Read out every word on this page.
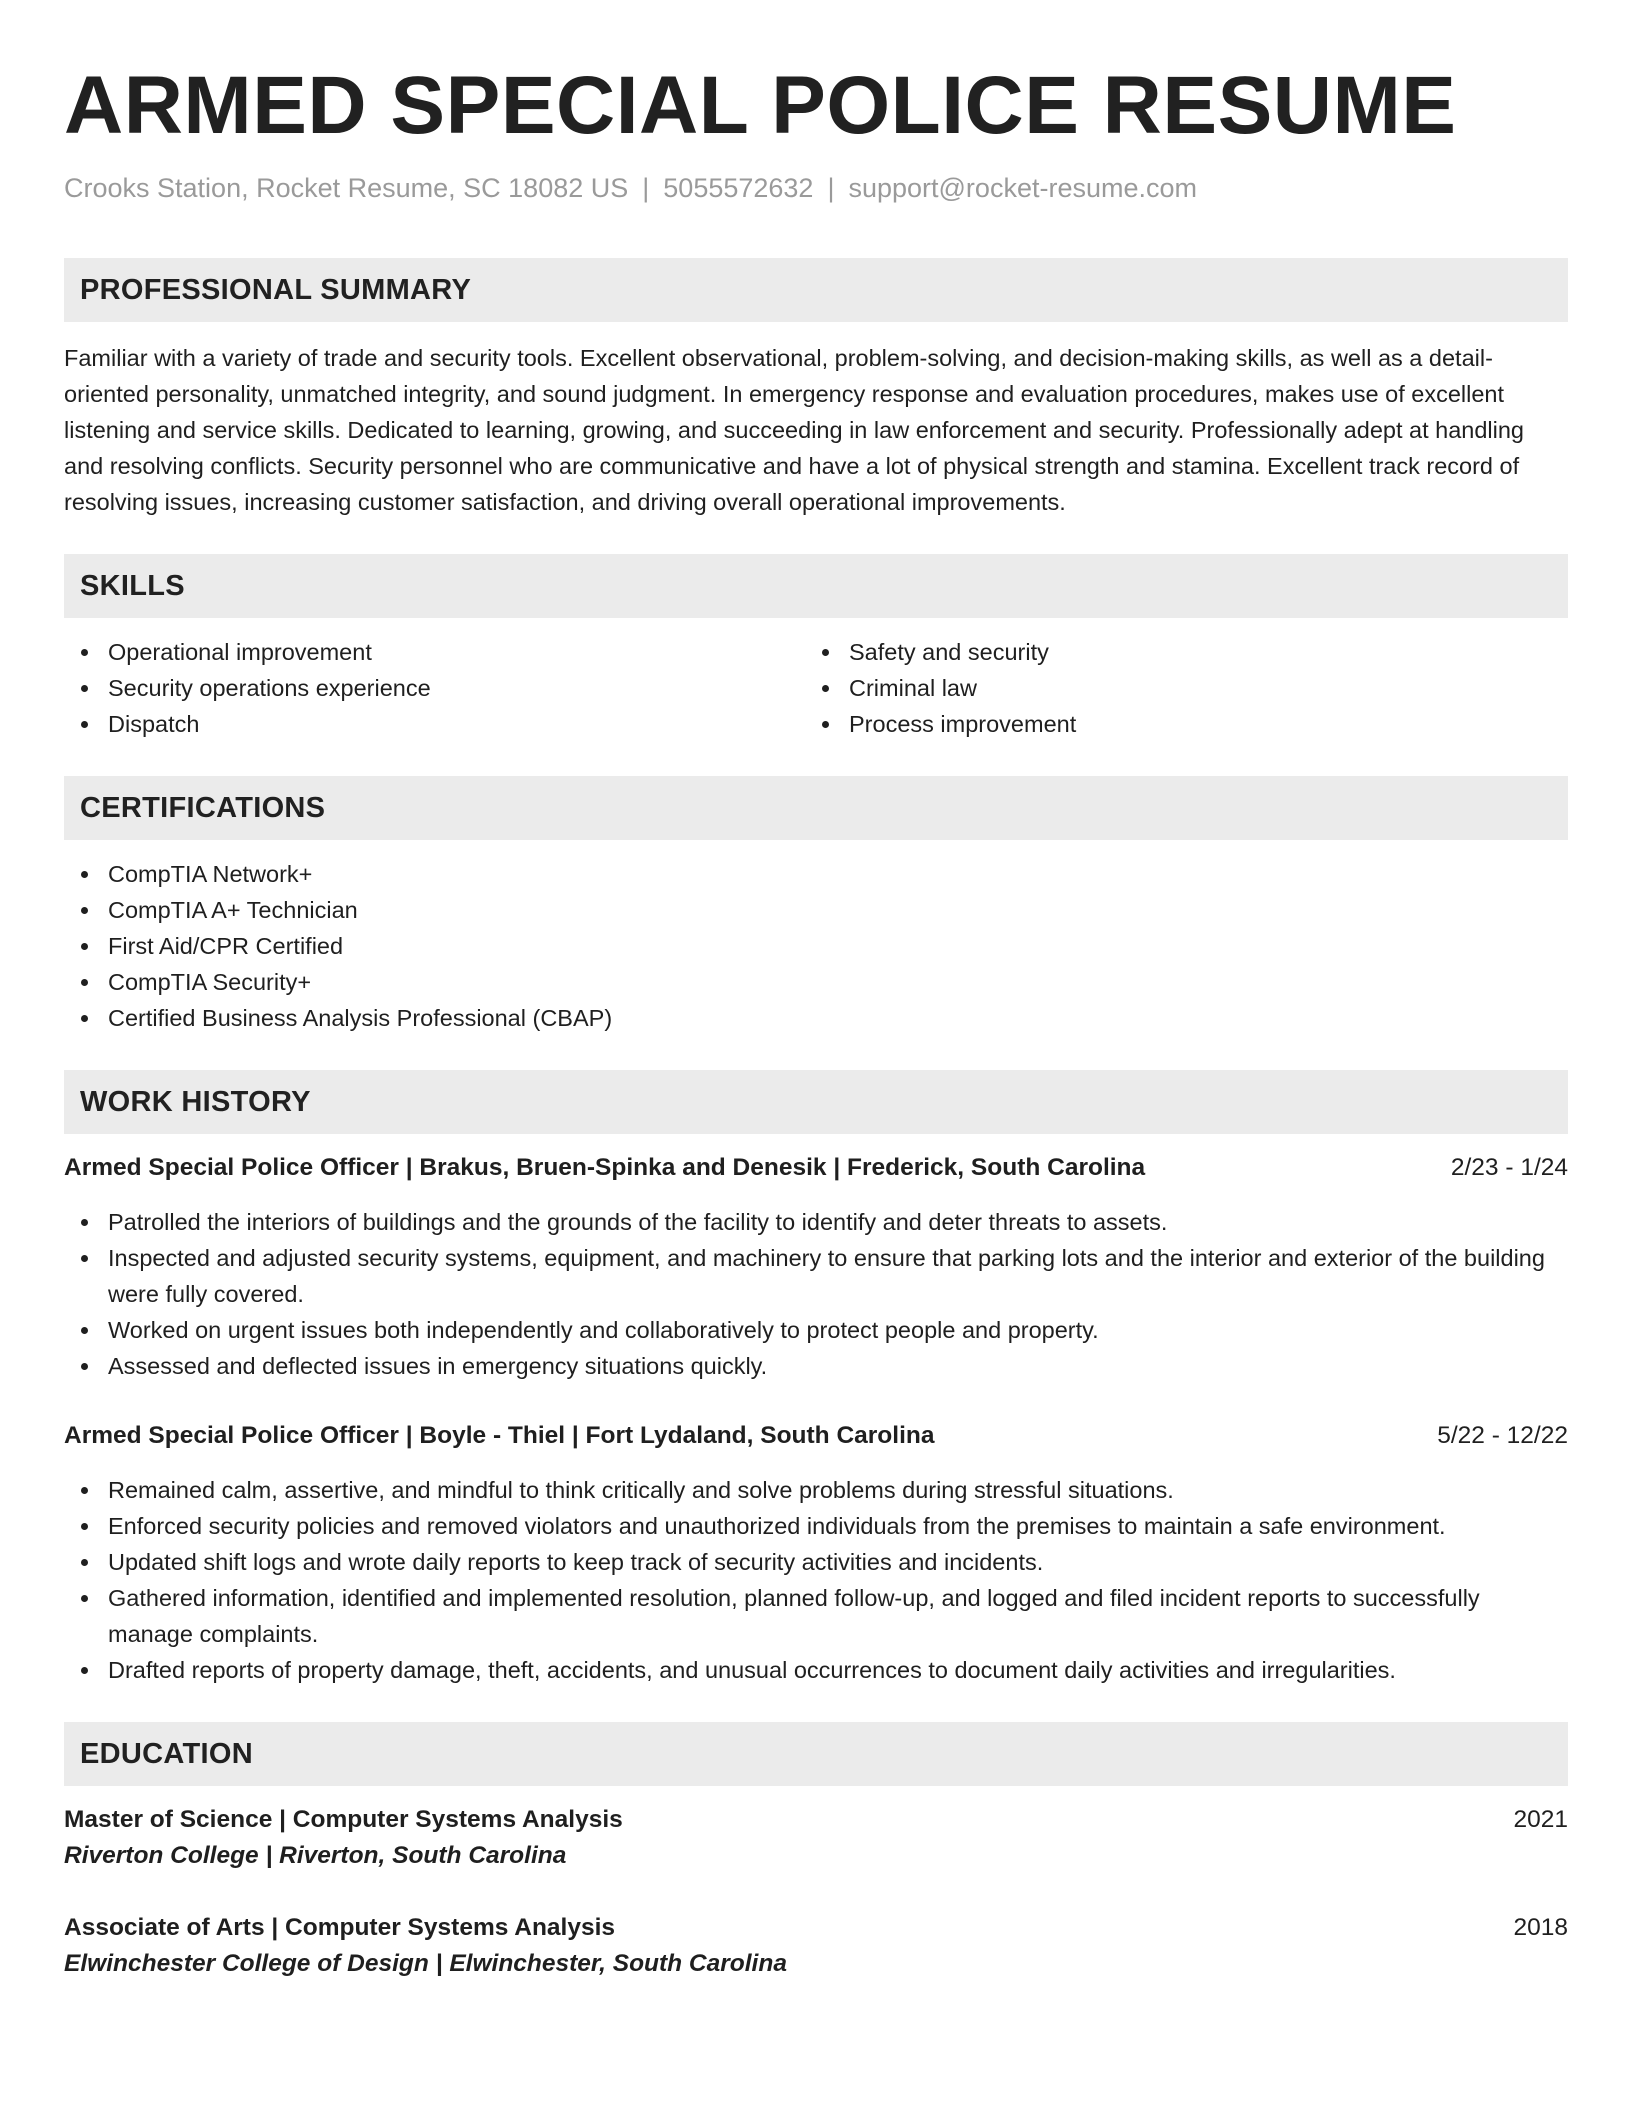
ARMED SPECIAL POLICE RESUME
Crooks Station, Rocket Resume, SC 18082 US | 5055572632 | support@rocket-resume.com
PROFESSIONAL SUMMARY

Familiar with a variety of trade and security tools. Excellent observational, problem-solving, and decision-making skills, as well as a detail-oriented personality, unmatched integrity, and sound judgment. In emergency response and evaluation procedures, makes use of excellent listening and service skills. Dedicated to learning, growing, and succeeding in law enforcement and security. Professionally adept at handling and resolving conflicts. Security personnel who are communicative and have a lot of physical strength and stamina. Excellent track record of resolving issues, increasing customer satisfaction, and driving overall operational improvements.

SKILLS
Operational improvement
Security operations experience
Dispatch
Safety and security
Criminal law
Process improvement
CERTIFICATIONS
CompTIA Network+
CompTIA A+ Technician
First Aid/CPR Certified
CompTIA Security+
Certified Business Analysis Professional (CBAP)
WORK HISTORY
Armed Special Police Officer | Brakus, Bruen-Spinka and Denesik | Frederick, South Carolina	2/23 - 1/24
Patrolled the interiors of buildings and the grounds of the facility to identify and deter threats to assets.
Inspected and adjusted security systems, equipment, and machinery to ensure that parking lots and the interior and exterior of the building were fully covered.
Worked on urgent issues both independently and collaboratively to protect people and property.
Assessed and deflected issues in emergency situations quickly.
Armed Special Police Officer | Boyle - Thiel | Fort Lydaland, South Carolina	5/22 - 12/22
Remained calm, assertive, and mindful to think critically and solve problems during stressful situations.
Enforced security policies and removed violators and unauthorized individuals from the premises to maintain a safe environment.
Updated shift logs and wrote daily reports to keep track of security activities and incidents.
Gathered information, identified and implemented resolution, planned follow-up, and logged and filed incident reports to successfully manage complaints.
Drafted reports of property damage, theft, accidents, and unusual occurrences to document daily activities and irregularities.
EDUCATION
Master of Science | Computer Systems Analysis	2021
Riverton College | Riverton, South Carolina
Associate of Arts | Computer Systems Analysis	2018
Elwinchester College of Design | Elwinchester, South Carolina
